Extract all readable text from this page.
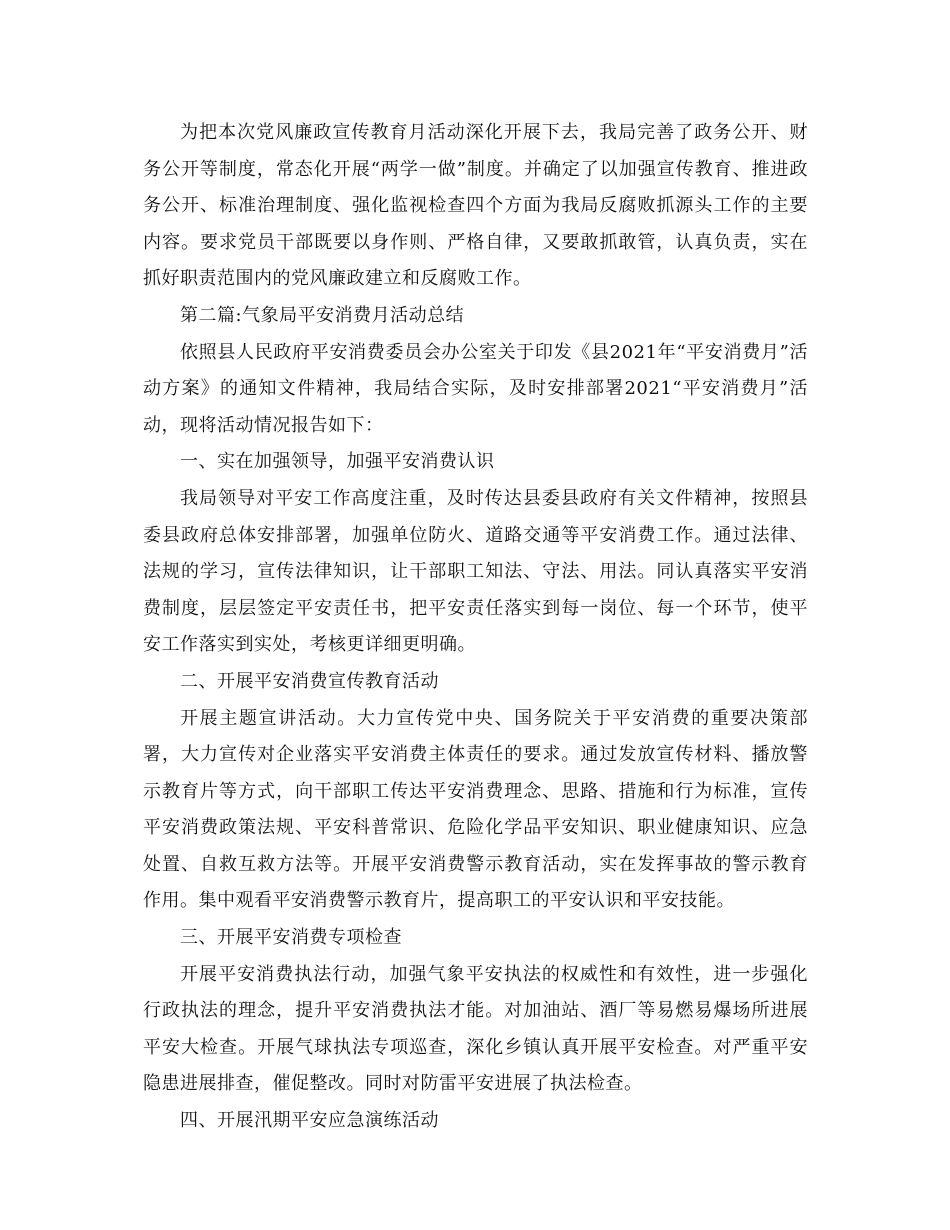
为把本次党风廉政宣传教育月活动深化开展下去，我局完善了政务公开、财务公开等制度，常态化开展“两学一做”制度。并确定了以加强宣传教育、推进政务公开、标准治理制度、强化监视检查四个方面为我局反腐败抓源头工作的主要内容。要求党员干部既要以身作则、严格自律，又要敢抓敢管，认真负责，实在抓好职责范围内的党风廉政建立和反腐败工作。

第二篇:气象局平安消费月活动总结

依照县人民政府平安消费委员会办公室关于印发《县2021年“平安消费月”活动方案》的通知文件精神，我局结合实际，及时安排部署2021“平安消费月”活动，现将活动情况报告如下：

一、实在加强领导，加强平安消费认识

我局领导对平安工作高度注重，及时传达县委县政府有关文件精神，按照县委县政府总体安排部署，加强单位防火、道路交通等平安消费工作。通过法律、法规的学习，宣传法律知识，让干部职工知法、守法、用法。同认真落实平安消费制度，层层签定平安责任书，把平安责任落实到每一岗位、每一个环节，使平安工作落实到实处，考核更详细更明确。

二、开展平安消费宣传教育活动

开展主题宣讲活动。大力宣传党中央、国务院关于平安消费的重要决策部署，大力宣传对企业落实平安消费主体责任的要求。通过发放宣传材料、播放警示教育片等方式，向干部职工传达平安消费理念、思路、措施和行为标准，宣传平安消费政策法规、平安科普常识、危险化学品平安知识、职业健康知识、应急处置、自救互救方法等。开展平安消费警示教育活动，实在发挥事故的警示教育作用。集中观看平安消费警示教育片，提高职工的平安认识和平安技能。

三、开展平安消费专项检查

开展平安消费执法行动，加强气象平安执法的权威性和有效性，进一步强化行政执法的理念，提升平安消费执法才能。对加油站、酒厂等易燃易爆场所进展平安大检查。开展气球执法专项巡查，深化乡镇认真开展平安检查。对严重平安隐患进展排查，催促整改。同时对防雷平安进展了执法检查。

四、开展汛期平安应急演练活动
